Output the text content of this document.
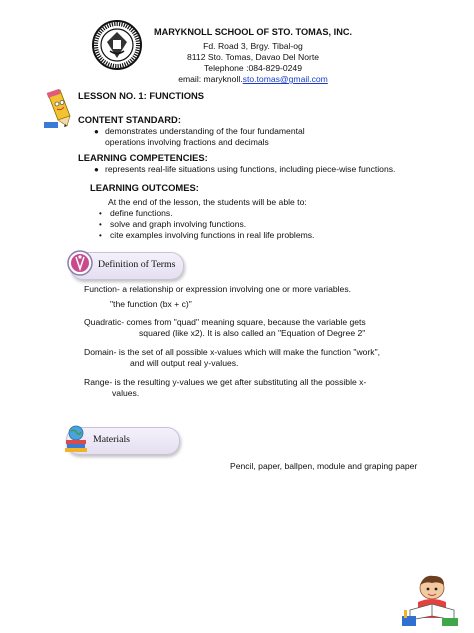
MARYKNOLL SCHOOL OF STO. TOMAS, INC.
Fd. Road 3, Brgy. Tibal-og
8112 Sto. Tomas, Davao Del Norte
Telephone :084-829-0249
email: maryknoll.sto.tomas@gmail.com
LESSON NO. 1: FUNCTIONS
CONTENT STANDARD:
● demonstrates understanding of the four fundamental
operations involving fractions and decimals
LEARNING COMPETENCIES:
● represents real-life situations using functions, including piece-wise functions.
LEARNING OUTCOMES:
At the end of the lesson, the students will be able to:
• define functions.
• solve and graph involving functions.
• cite examples involving functions in real life problems.
Definition of Terms
Function- a relationship or expression involving one or more variables.
"the function (bx + c)"
Quadratic- comes from "quad" meaning square, because the variable gets
squared (like x2). It is also called an "Equation of Degree 2"
Domain- is the set of all possible x-values which will make the function "work",
and will output real y-values.
Range- is the resulting y-values we get after substituting all the possible x-
values.
Materials
Pencil, paper, ballpen, module and graping paper
